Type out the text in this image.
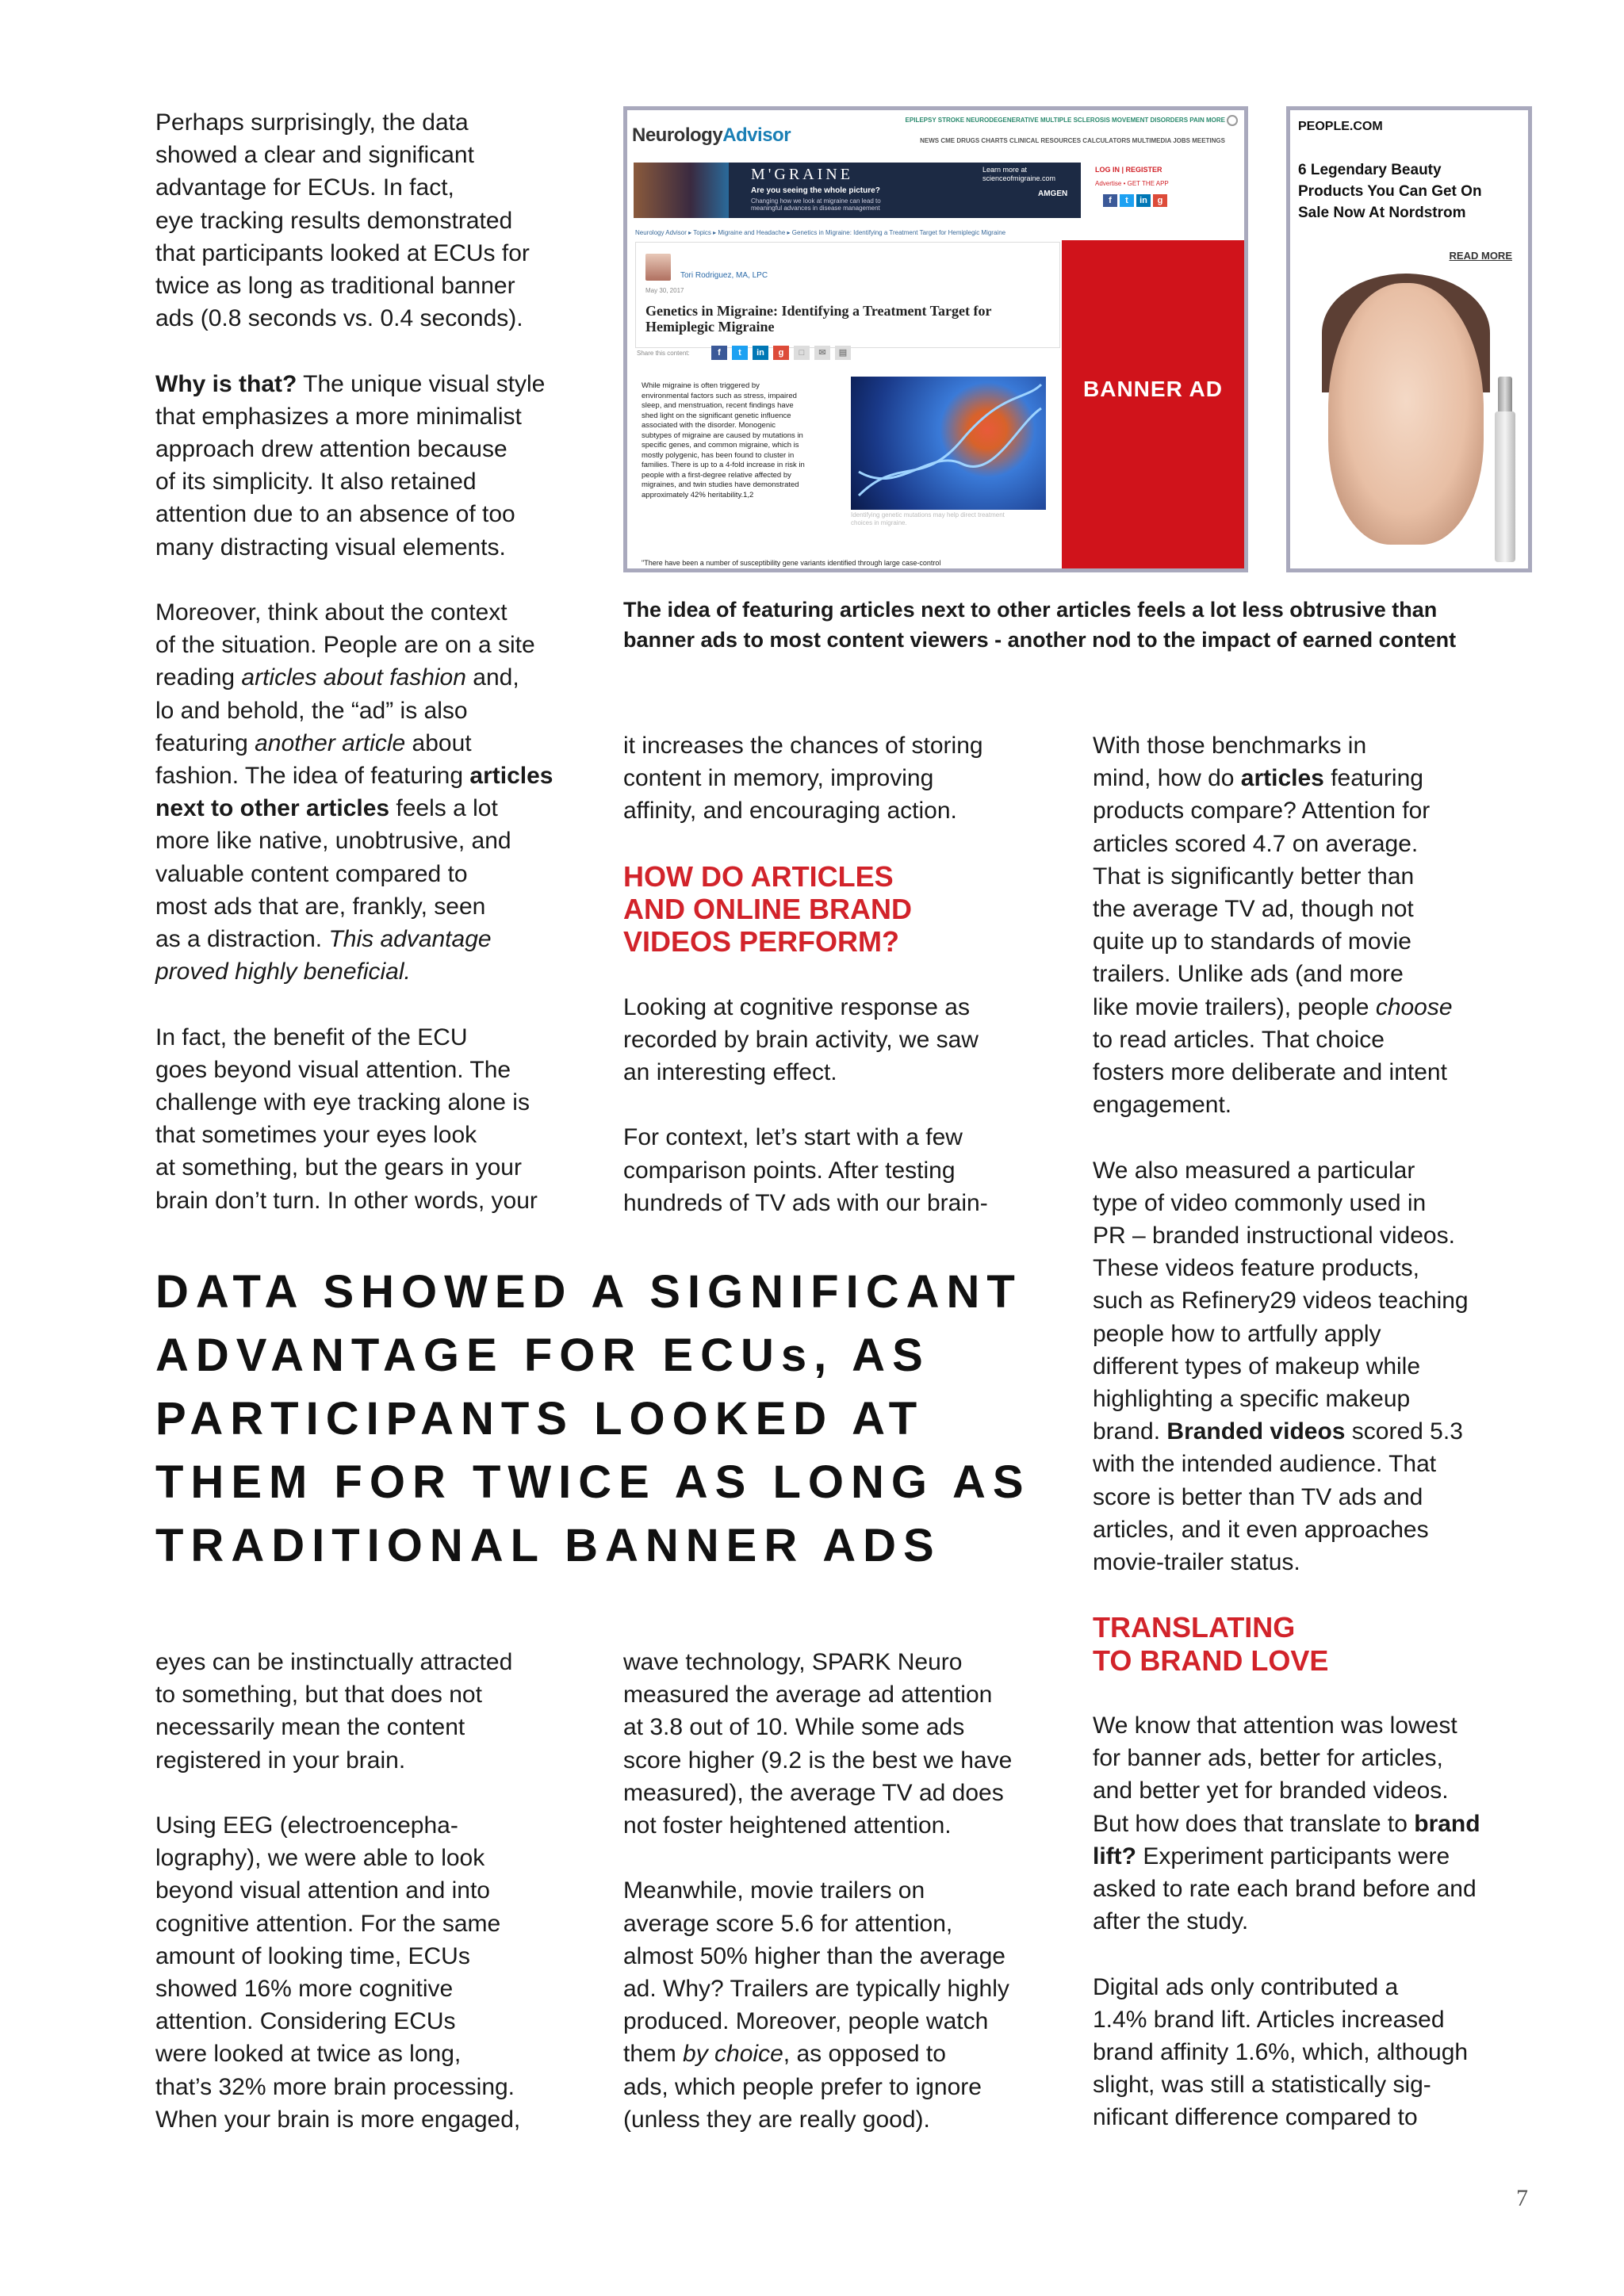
Perhaps surprisingly, the data
showed a clear and significant
advantage for ECUs. In fact,
eye tracking results demonstrated
that participants looked at ECUs for
twice as long as traditional banner
ads (0.8 seconds vs. 0.4 seconds).

Why is that? The unique visual style
that emphasizes a more minimalist
approach drew attention because
of its simplicity. It also retained
attention due to an absence of too
many distracting visual elements.

Moreover, think about the context
of the situation. People are on a site
reading articles about fashion and,
lo and behold, the “ad” is also
featuring another article about
fashion. The idea of featuring articles
next to other articles feels a lot
more like native, unobtrusive, and
valuable content compared to
most ads that are, frankly, seen
as a distraction. This advantage
proved highly beneficial.

In fact, the benefit of the ECU
goes beyond visual attention. The
challenge with eye tracking alone is
that sometimes your eyes look
at something, but the gears in your
brain don’t turn. In other words, your

NeurologyAdvisor
EPILEPSY STROKE NEURODEGENERATIVE MULTIPLE SCLEROSIS MOVEMENT DISORDERS PAIN MORE
NEWS CME DRUGS CHARTS CLINICAL RESOURCES CALCULATORS MULTIMEDIA JOBS MEETINGS
M'GRAINE
Are you seeing the whole picture?
Changing how we look at migraine can lead to
meaningful advances in disease management
Learn more at
scienceofmigraine.com
AMGEN
LOG IN | REGISTER
Advertise • GET THE APP
f t in g
Neurology Advisor ▸ Topics ▸ Migraine and Headache ▸ Genetics in Migraine: Identifying a Treatment Target for Hemiplegic Migraine
Tori Rodriguez, MA, LPC
May 30, 2017
Genetics in Migraine: Identifying a Treatment Target for
Hemiplegic Migraine
Share this content:	f t in g □ ✉ ▤
While migraine is often triggered by
environmental factors such as stress, impaired
sleep, and menstruation, recent findings have
shed light on the significant genetic influence
associated with the disorder. Monogenic
subtypes of migraine are caused by mutations in
specific genes, and common migraine, which is
mostly polygenic, has been found to cluster in
families. There is up to a 4-fold increase in risk in
people with a first-degree relative affected by
migraines, and twin studies have demonstrated
approximately 42% heritability.1,2
Identifying genetic mutations may help direct treatment
choices in migraine.
"There have been a number of susceptibility gene variants identified through large case-control
BANNER AD
PEOPLE.COM
6 Legendary Beauty
Products You Can Get On
Sale Now At Nordstrom
READ MORE
The idea of featuring articles next to other articles feels a lot less obtrusive than
banner ads to most content viewers - another nod to the impact of earned content

it increases the chances of storing
content in memory, improving
affinity, and encouraging action.

HOW DO ARTICLES
AND ONLINE BRAND
VIDEOS PERFORM?

Looking at cognitive response as
recorded by brain activity, we saw
an interesting effect.

For context, let’s start with a few
comparison points. After testing
hundreds of TV ads with our brain-

With those benchmarks in
mind, how do articles featuring
products compare? Attention for
articles scored 4.7 on average.
That is significantly better than
the average TV ad, though not
quite up to standards of movie
trailers. Unlike ads (and more
like movie trailers), people choose
to read articles. That choice
fosters more deliberate and intent
engagement.

We also measured a particular
type of video commonly used in
PR – branded instructional videos.
These videos feature products,
such as Refinery29 videos teaching
people how to artfully apply
different types of makeup while
highlighting a specific makeup
brand. Branded videos scored 5.3
with the intended audience. That
score is better than TV ads and
articles, and it even approaches
movie-trailer status.

TRANSLATING
TO BRAND LOVE

We know that attention was lowest
for banner ads, better for articles,
and better yet for branded videos.
But how does that translate to brand
lift? Experiment participants were
asked to rate each brand before and
after the study.

Digital ads only contributed a
1.4% brand lift. Articles increased
brand affinity 1.6%, which, although
slight, was still a statistically sig-
nificant difference compared to

DATA SHOWED A SIGNIFICANT
ADVANTAGE FOR ECUs, AS
PARTICIPANTS LOOKED AT
THEM FOR TWICE AS LONG AS
TRADITIONAL BANNER ADS

eyes can be instinctually attracted
to something, but that does not
necessarily mean the content
registered in your brain.

Using EEG (electroencepha-
lography), we were able to look
beyond visual attention and into
cognitive attention. For the same
amount of looking time, ECUs
showed 16% more cognitive
attention. Considering ECUs
were looked at twice as long,
that’s 32% more brain processing.
When your brain is more engaged,

wave technology, SPARK Neuro
measured the average ad attention
at 3.8 out of 10. While some ads
score higher (9.2 is the best we have
measured), the average TV ad does
not foster heightened attention.

Meanwhile, movie trailers on
average score 5.6 for attention,
almost 50% higher than the average
ad. Why? Trailers are typically highly
produced. Moreover, people watch
them by choice, as opposed to
ads, which people prefer to ignore
(unless they are really good).

7
